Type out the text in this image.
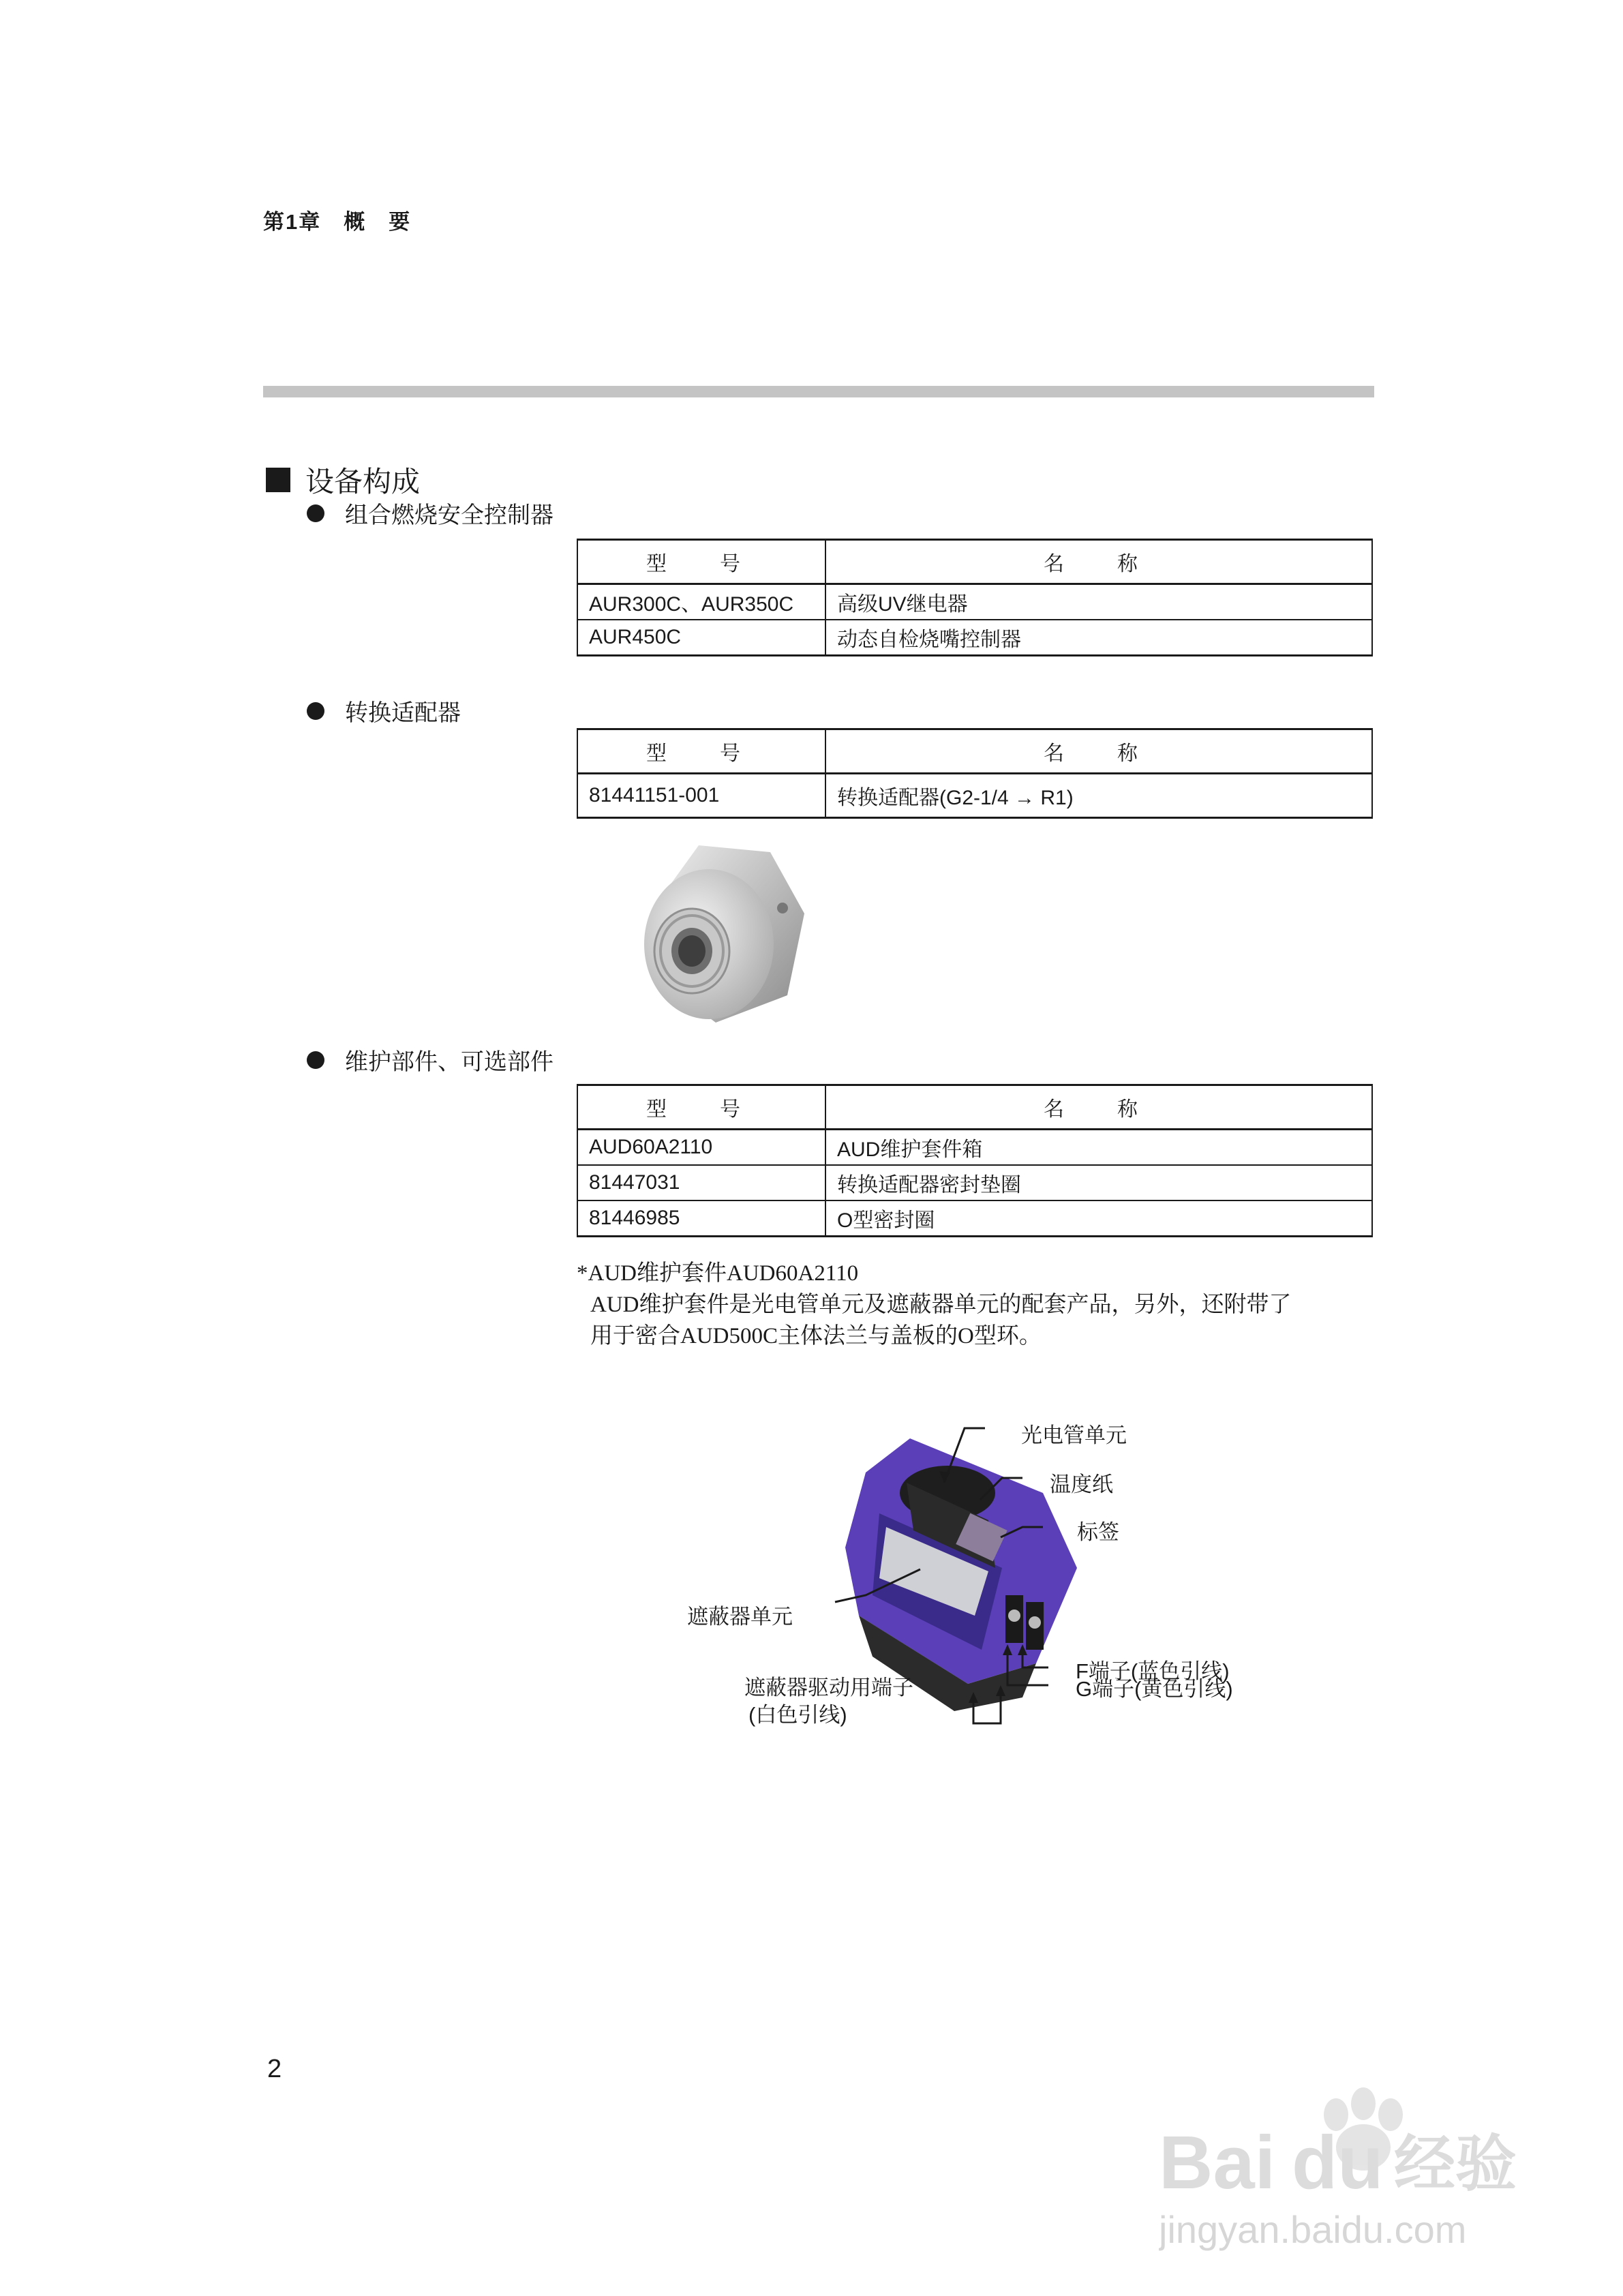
第1章　概　要
设备构成
组合燃烧安全控制器
型　号	名　称
AUR300C、AUR350C	高级UV继电器
AUR450C	动态自检烧嘴控制器
转换适配器
型　号	名　称
81441151-001	转换适配器(G2-1/4 → R1)
维护部件、可选部件
型　号	名　称
AUD60A2110	AUD维护套件箱
81447031	转换适配器密封垫圈
81446985	O型密封圈
*AUD维护套件AUD60A2110
AUD维护套件是光电管单元及遮蔽器单元的配套产品，另外，还附带了
用于密合AUD500C主体法兰与盖板的O型环。
光电管单元
温度纸
标签
遮蔽器单元
F端子(蓝色引线)
G端子(黄色引线)
遮蔽器驱动用端子
(白色引线)
2
Bai du 经验
jingyan.baidu.com
